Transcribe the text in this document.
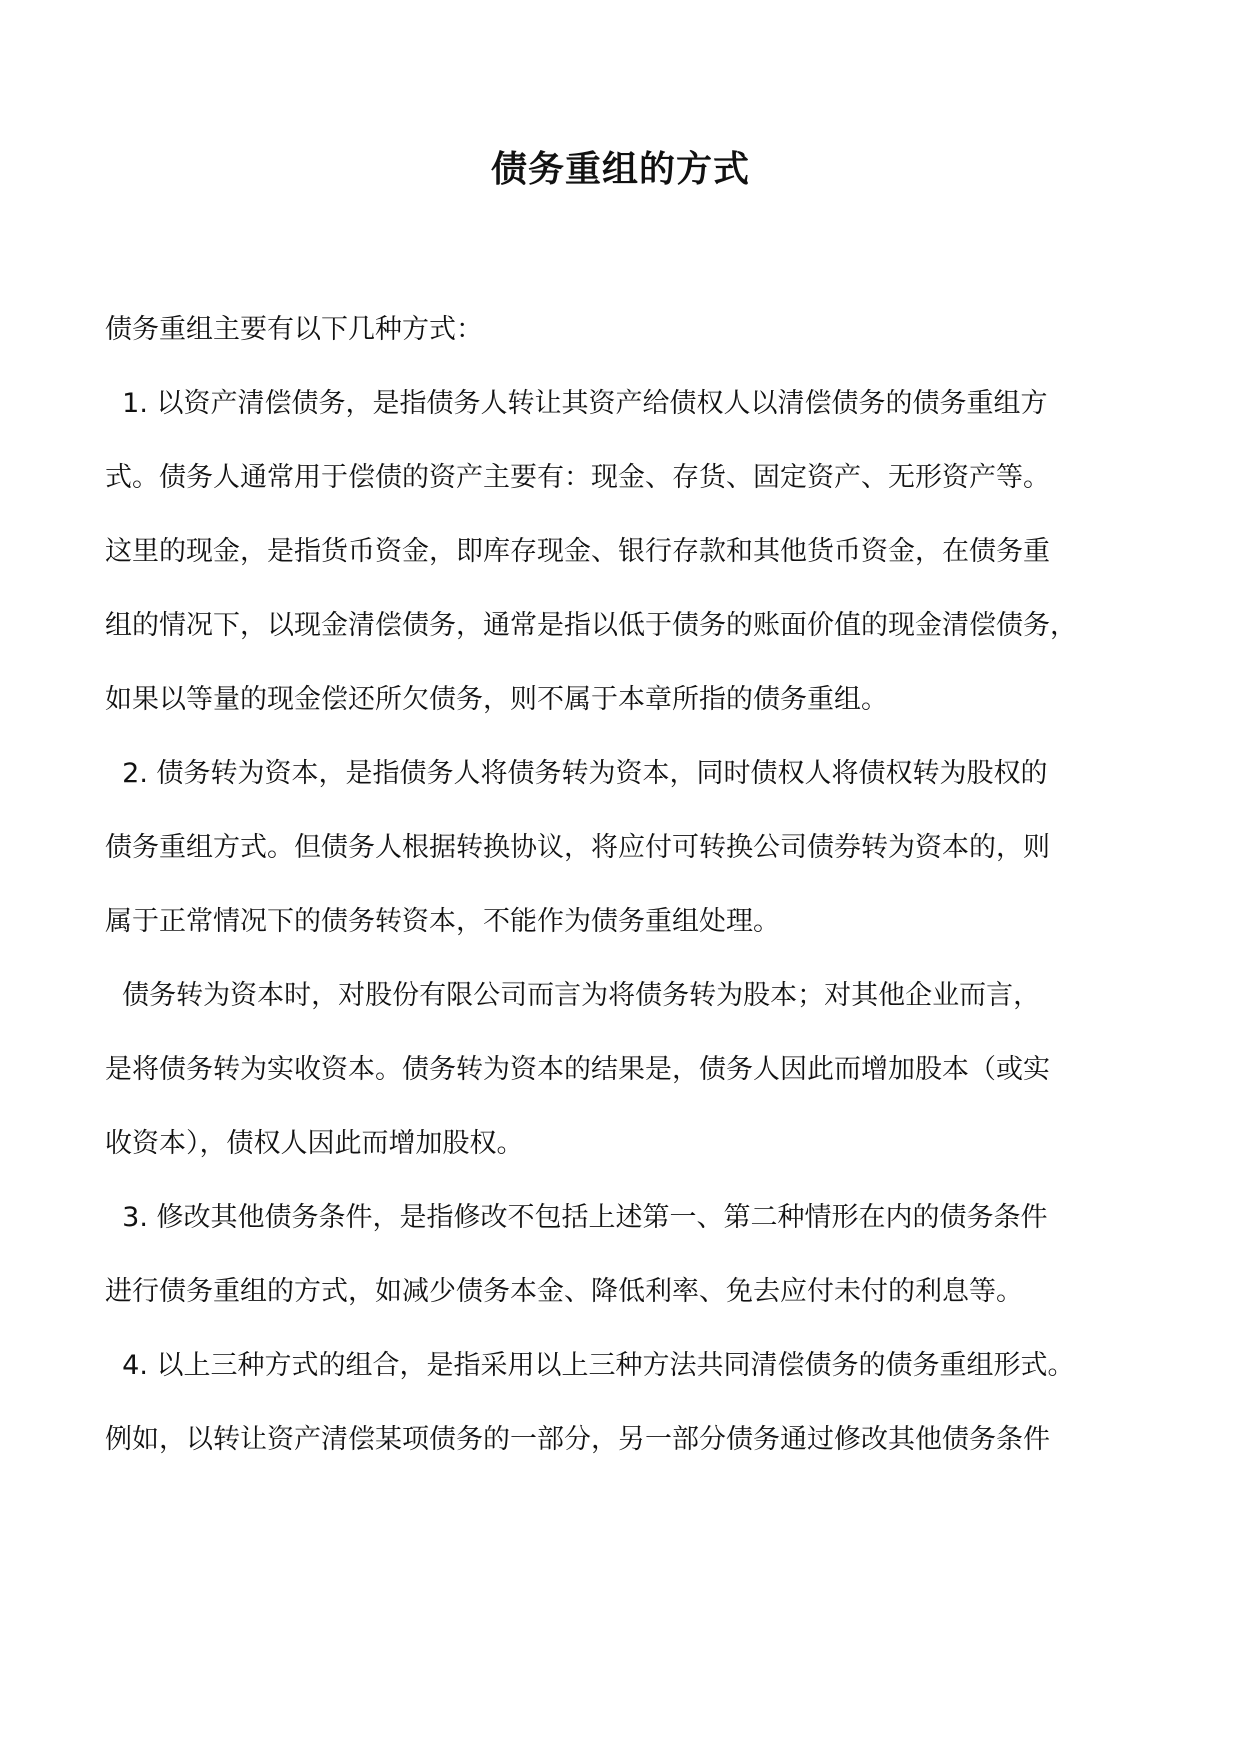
债务重组的方式

债务重组主要有以下几种方式：

1. 以资产清偿债务，是指债务人转让其资产给债权人以清偿债务的债务重组方

式。债务人通常用于偿债的资产主要有：现金、存货、固定资产、无形资产等。

这里的现金，是指货币资金，即库存现金、银行存款和其他货币资金，在债务重

组的情况下，以现金清偿债务，通常是指以低于债务的账面价值的现金清偿债务，

如果以等量的现金偿还所欠债务，则不属于本章所指的债务重组。

2. 债务转为资本，是指债务人将债务转为资本，同时债权人将债权转为股权的

债务重组方式。但债务人根据转换协议，将应付可转换公司债券转为资本的，则

属于正常情况下的债务转资本，不能作为债务重组处理。

债务转为资本时，对股份有限公司而言为将债务转为股本；对其他企业而言，

是将债务转为实收资本。债务转为资本的结果是，债务人因此而增加股本（或实

收资本），债权人因此而增加股权。

3. 修改其他债务条件，是指修改不包括上述第一、第二种情形在内的债务条件

进行债务重组的方式，如减少债务本金、降低利率、免去应付未付的利息等。

4. 以上三种方式的组合，是指采用以上三种方法共同清偿债务的债务重组形式。

例如，以转让资产清偿某项债务的一部分，另一部分债务通过修改其他债务条件
